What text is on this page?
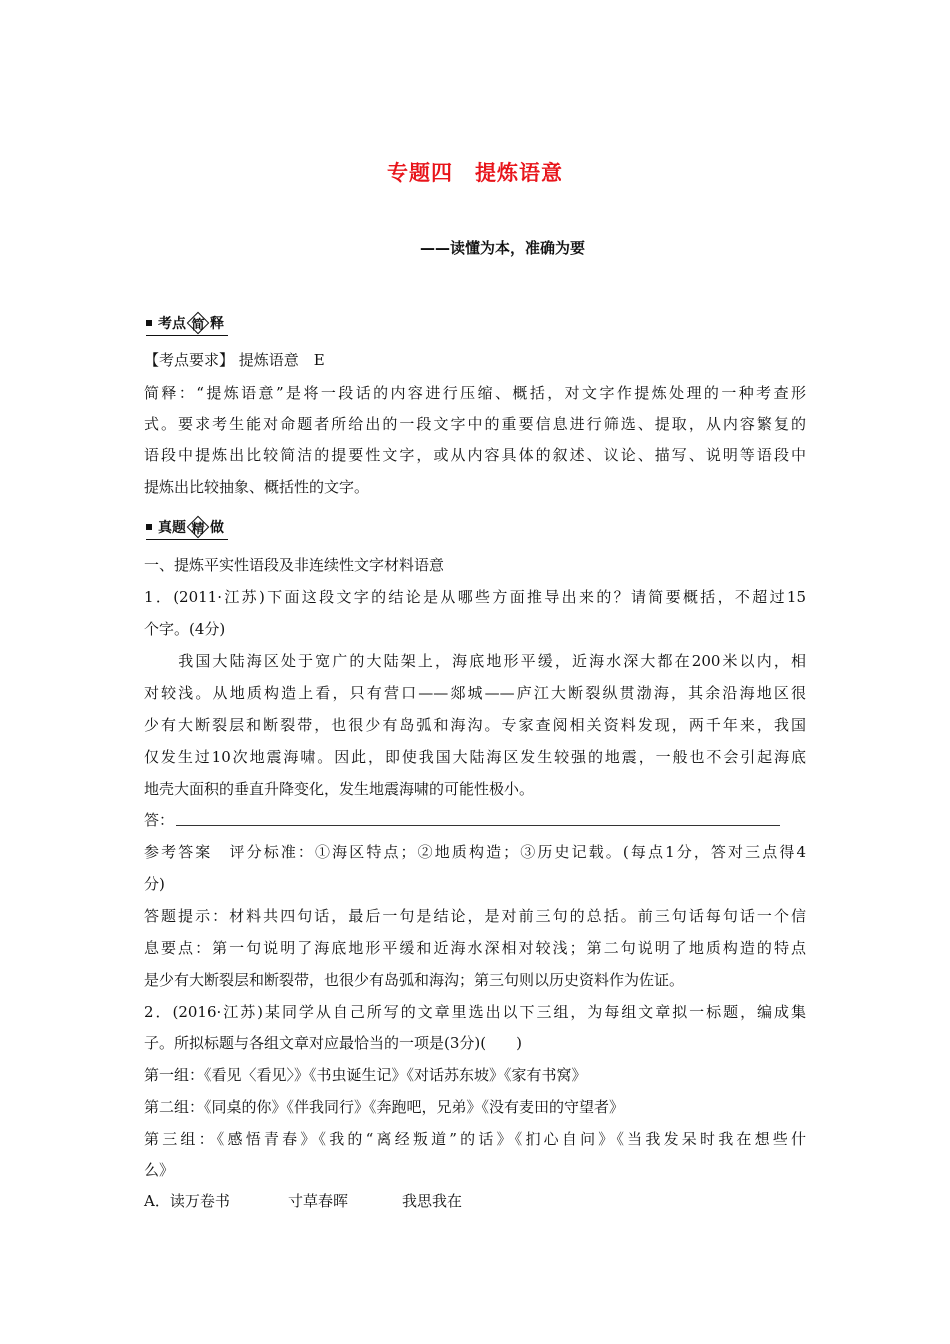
专题四　提炼语意
——读懂为本，准确为要
考点 简 释
【考点要求】 提炼语意　E
简释：“提炼语意”是将一段话的内容进行压缩、概括，对文字作提炼处理的一种考查形
式。要求考生能对命题者所给出的一段文字中的重要信息进行筛选、提取，从内容繁复的
语段中提炼出比较简洁的提要性文字，或从内容具体的叙述、议论、描写、说明等语段中
提炼出比较抽象、概括性的文字。
真题 精 做
一、提炼平实性语段及非连续性文字材料语意
1．(2011·江苏)下面这段文字的结论是从哪些方面推导出来的？请简要概括，不超过15
个字。(4分)
　　我国大陆海区处于宽广的大陆架上，海底地形平缓，近海水深大都在200米以内，相
对较浅。从地质构造上看，只有营口——郯城——庐江大断裂纵贯渤海，其余沿海地区很
少有大断裂层和断裂带，也很少有岛弧和海沟。专家查阅相关资料发现，两千年来，我国
仅发生过10次地震海啸。因此，即使我国大陆海区发生较强的地震，一般也不会引起海底
地壳大面积的垂直升降变化，发生地震海啸的可能性极小。
答：
参考答案　评分标准：①海区特点；②地质构造；③历史记载。(每点1分，答对三点得4
分)
答题提示：材料共四句话，最后一句是结论，是对前三句的总括。前三句话每句话一个信
息要点：第一句说明了海底地形平缓和近海水深相对较浅；第二句说明了地质构造的特点
是少有大断裂层和断裂带，也很少有岛弧和海沟；第三句则以历史资料作为佐证。
2．(2016·江苏)某同学从自己所写的文章里选出以下三组，为每组文章拟一标题，编成集
子。所拟标题与各组文章对应最恰当的一项是(3分)(　　)
第一组：《看见〈看见〉》《书虫诞生记》《对话苏东坡》《家有书窝》
第二组：《同桌的你》《伴我同行》《奔跑吧，兄弟》《没有麦田的守望者》
第三组：《感悟青春》《我的“离经叛道”的话》《扪心自问》《当我发呆时我在想些什
么》
A．读万卷书	寸草春晖	我思我在
